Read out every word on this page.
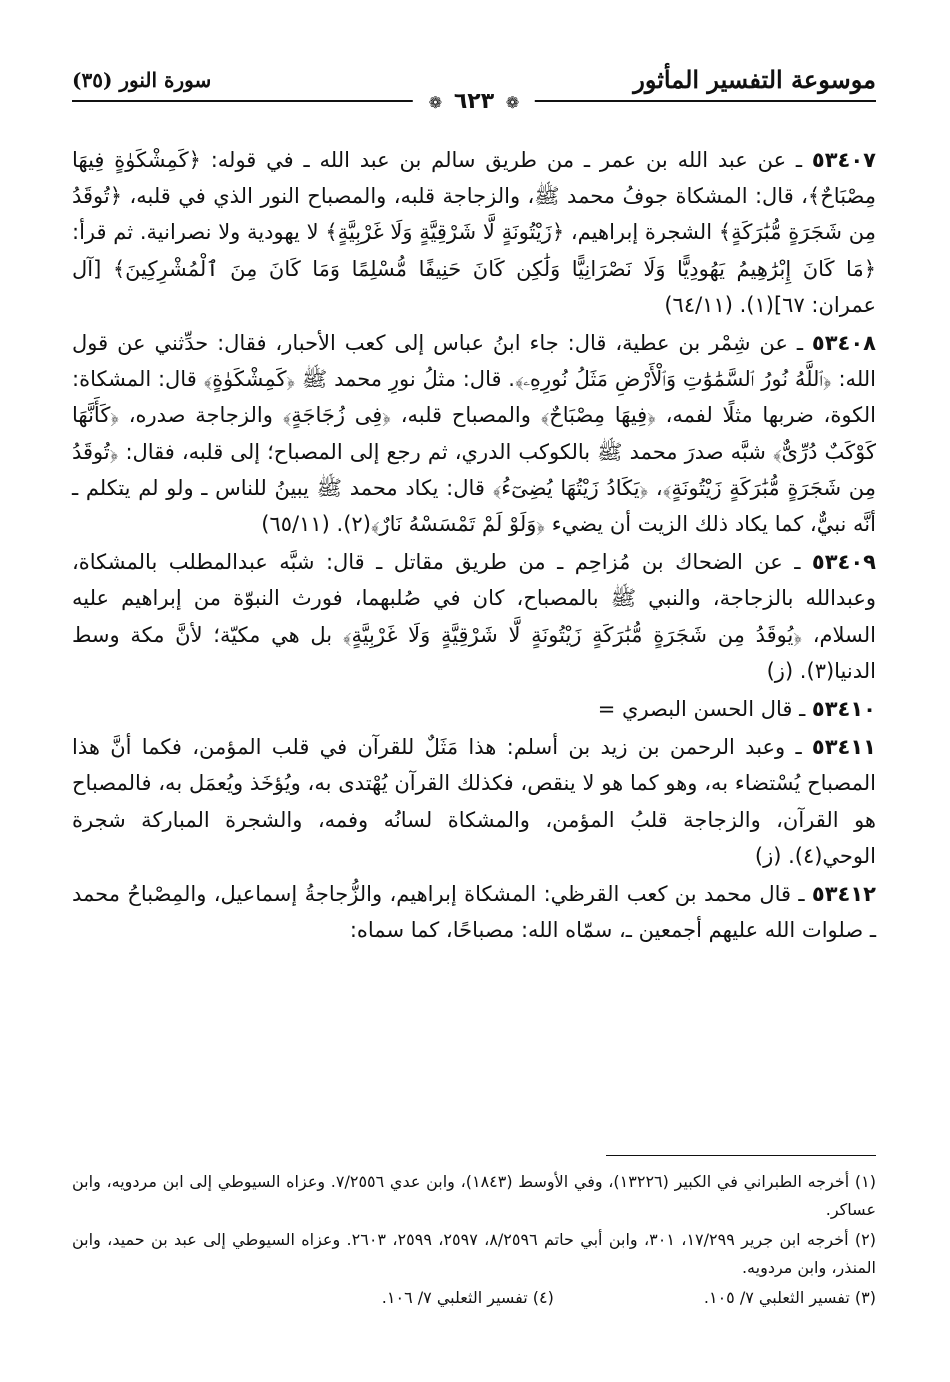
موسوعة التفسير المأثور
سورة النور (٣٥)
❁ ٦٢٣ ❁

٥٣٤٠٧ ـ عن عبد الله بن عمر ـ من طريق سالم بن عبد الله ـ في قوله: ﴿كَمِشْكَوٰةٍ فِيهَا مِصْبَاحٌ﴾، قال: المشكاة جوفُ محمد ﷺ، والزجاجة قلبه، والمصباح النور الذي في قلبه، ﴿تُوقَدُ مِن شَجَرَةٍ مُّبَٰرَكَةٍ﴾ الشجرة إبراهيم، ﴿زَيْتُونَةٍ لَّا شَرْقِيَّةٍ وَلَا غَرْبِيَّةٍ﴾ لا يهودية ولا نصرانية. ثم قرأ: ﴿مَا كَانَ إِبْرَٰهِيمُ يَهُودِيًّا وَلَا نَصْرَانِيًّا وَلَٰكِن كَانَ حَنِيفًا مُّسْلِمًا وَمَا كَانَ مِنَ ٱلْمُشْرِكِينَ﴾ [آل عمران: ٦٧](١). (٦٤/١١)

٥٣٤٠٨ ـ عن شِمْر بن عطية، قال: جاء ابنُ عباس إلى كعب الأحبار، فقال: حدِّثني عن قول الله: ﴿ٱللَّهُ نُورُ ٱلسَّمَٰوَٰتِ وَٱلْأَرْضِ مَثَلُ نُورِهِۦ﴾. قال: مثلُ نورِ محمد ﷺ ﴿كَمِشْكَوٰةٍ﴾ قال: المشكاة: الكوة، ضربها مثلًا لفمه، ﴿فِيهَا مِصْبَاحٌ﴾ والمصباح قلبه، ﴿فِى زُجَاجَةٍ﴾ والزجاجة صدره، ﴿كَأَنَّهَا كَوْكَبٌ دُرِّىٌّ﴾ شبَّه صدرَ محمد ﷺ بالكوكب الدري، ثم رجع إلى المصباح؛ إلى قلبه، فقال: ﴿تُوقَدُ مِن شَجَرَةٍ مُّبَٰرَكَةٍ زَيْتُونَةٍ﴾، ﴿يَكَادُ زَيْتُهَا يُضِىٓءُ﴾ قال: يكاد محمد ﷺ يبينُ للناس ـ ولو لم يتكلم ـ أنَّه نبيٌّ، كما يكاد ذلك الزيت أن يضيء ﴿وَلَوْ لَمْ تَمْسَسْهُ نَارٌ﴾(٢). (٦٥/١١)

٥٣٤٠٩ ـ عن الضحاك بن مُزاحِم ـ من طريق مقاتل ـ قال: شبَّه عبدالمطلب بالمشكاة، وعبدالله بالزجاجة، والنبي ﷺ بالمصباح، كان في صُلبهما، فورث النبوّة من إبراهيم عليه السلام، ﴿يُوقَدُ مِن شَجَرَةٍ مُّبَٰرَكَةٍ زَيْتُونَةٍ لَّا شَرْقِيَّةٍ وَلَا غَرْبِيَّةٍ﴾ بل هي مكيّة؛ لأنَّ مكة وسط الدنيا(٣). (ز)

٥٣٤١٠ ـ قال الحسن البصري =

٥٣٤١١ ـ وعبد الرحمن بن زيد بن أسلم: هذا مَثَلٌ للقرآن في قلب المؤمن، فكما أنَّ هذا المصباح يُسْتضاء به، وهو كما هو لا ينقص، فكذلك القرآن يُهْتدى به، ويُؤخَذ ويُعمَل به، فالمصباح هو القرآن، والزجاجة قلبُ المؤمن، والمشكاة لسانُه وفمه، والشجرة المباركة شجرة الوحي(٤). (ز)

٥٣٤١٢ ـ قال محمد بن كعب القرظي: المشكاة إبراهيم، والزُّجاجةُ إسماعيل، والمِصْباحُ محمد ـ صلوات الله عليهم أجمعين ـ، سمّاه الله: مصباحًا، كما سماه:

(١) أخرجه الطبراني في الكبير (١٣٢٢٦)، وفي الأوسط (١٨٤٣)، وابن عدي ٧/٢٥٥٦. وعزاه السيوطي إلى ابن مردويه، وابن عساكر.

(٢) أخرجه ابن جرير ١٧/٢٩٩، ٣٠١، وابن أبي حاتم ٨/٢٥٩٦، ٢٥٩٧، ٢٥٩٩، ٢٦٠٣. وعزاه السيوطي إلى عبد بن حميد، وابن المنذر، وابن مردويه.

(٣) تفسير الثعلبي ٧/ ١٠٥.
(٤) تفسير الثعلبي ٧/ ١٠٦.
